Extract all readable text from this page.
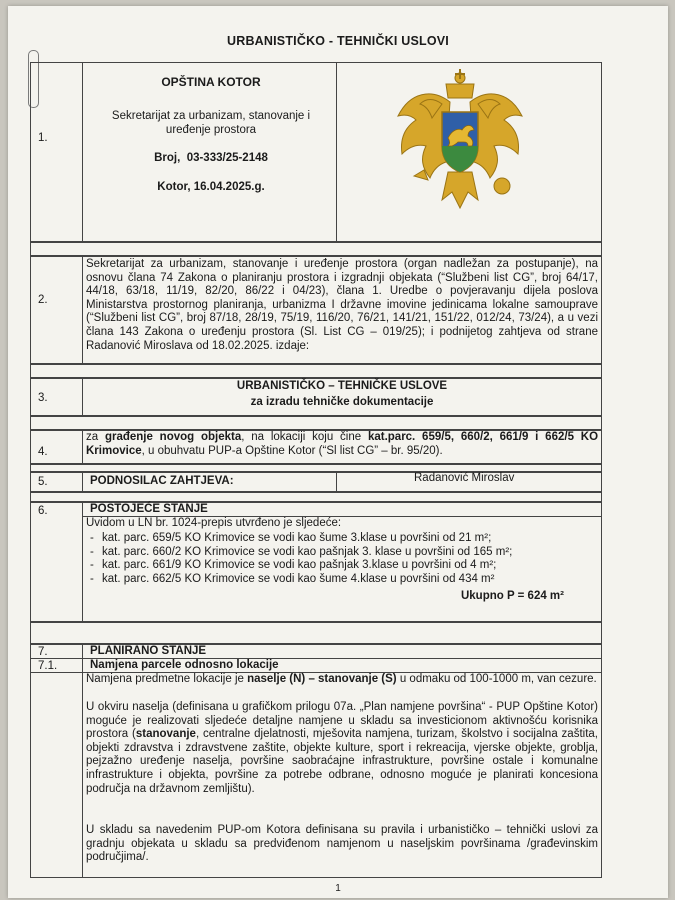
URBANISTIČKO - TEHNIČKI USLOVI
1.
OPŠTINA KOTOR
Sekretarijat za urbanizam, stanovanje i
uređenje prostora
Broj,  03-333/25-2148
Kotor, 16.04.2025.g.
2.
Sekretarijat za urbanizam, stanovanje i uređenje prostora (organ nadležan za postupanje), na osnovu člana 74 Zakona o planiranju prostora i izgradnji objekata (“Službeni list CG”, broj 64/17, 44/18, 63/18, 11/19, 82/20, 86/22 i 04/23), člana 1. Uredbe o povjeravanju dijela poslova Ministarstva prostornog planiranja, urbanizma I državne imovine jedinicama lokalne samouprave (“Službeni list CG”, broj 87/18, 28/19, 75/19, 116/20, 76/21, 141/21, 151/22, 012/24, 73/24), a u vezi člana 143 Zakona o uređenju prostora (Sl. List CG – 019/25); i podnijetog zahtjeva od strane Radanović Miroslava od 18.02.2025. izdaje:
3.
URBANISTIČKO – TEHNIČKE USLOVE
za izradu tehničke dokumentacije
4.
za građenje novog objekta, na lokaciji koju čine kat.parc. 659/5, 660/2, 661/9 i 662/5 KO Krimovice, u obuhvatu PUP-a Opštine Kotor (“Sl list CG” – br. 95/20).
5.	PODNOSILAC ZAHTJEVA:	Radanović Miroslav
6.	POSTOJEĆE STANJE
Uvidom u LN br. 1024-prepis utvrđeno je sljedeće:
- kat. parc. 659/5 KO Krimovice se vodi kao šume 3.klase u površini od 21 m²;
- kat. parc. 660/2 KO Krimovice se vodi kao pašnjak 3. klase u površini od 165 m²;
- kat. parc. 661/9 KO Krimovice se vodi kao pašnjak 3.klase u površini od 4 m²;
- kat. parc. 662/5 KO Krimovice se vodi kao šume 4.klase u površini od 434 m²
Ukupno P = 624 m²
7.	PLANIRANO STANJE
7.1.	Namjena parcele odnosno lokacije
Namjena predmetne lokacije je naselje (N) – stanovanje (S) u odmaku od 100-1000 m, van cezure.
U okviru naselja (definisana u grafičkom prilogu 07a. „Plan namjene površina“ - PUP Opštine Kotor) moguće je realizovati sljedeće detaljne namjene u skladu sa investicionom aktivnošću korisnika prostora (stanovanje, centralne djelatnosti, mješovita namjena, turizam, školstvo i socijalna zaštita, objekti zdravstva i zdravstvene zaštite, objekte kulture, sport i rekreacija, vjerske objekte, groblja, pejzažno uređenje naselja, površine saobraćajne infrastrukture, površine ostale i komunalne infrastrukture i objekta, površine za potrebe odbrane, odnosno moguće je planirati koncesiona područja na državnom zemljištu).
U skladu sa navedenim PUP-om Kotora definisana su pravila i urbanističko – tehnički uslovi za gradnju objekata u skladu sa predviđenom namjenom u naseljskim površinama /građevinskim područjima/.
1
